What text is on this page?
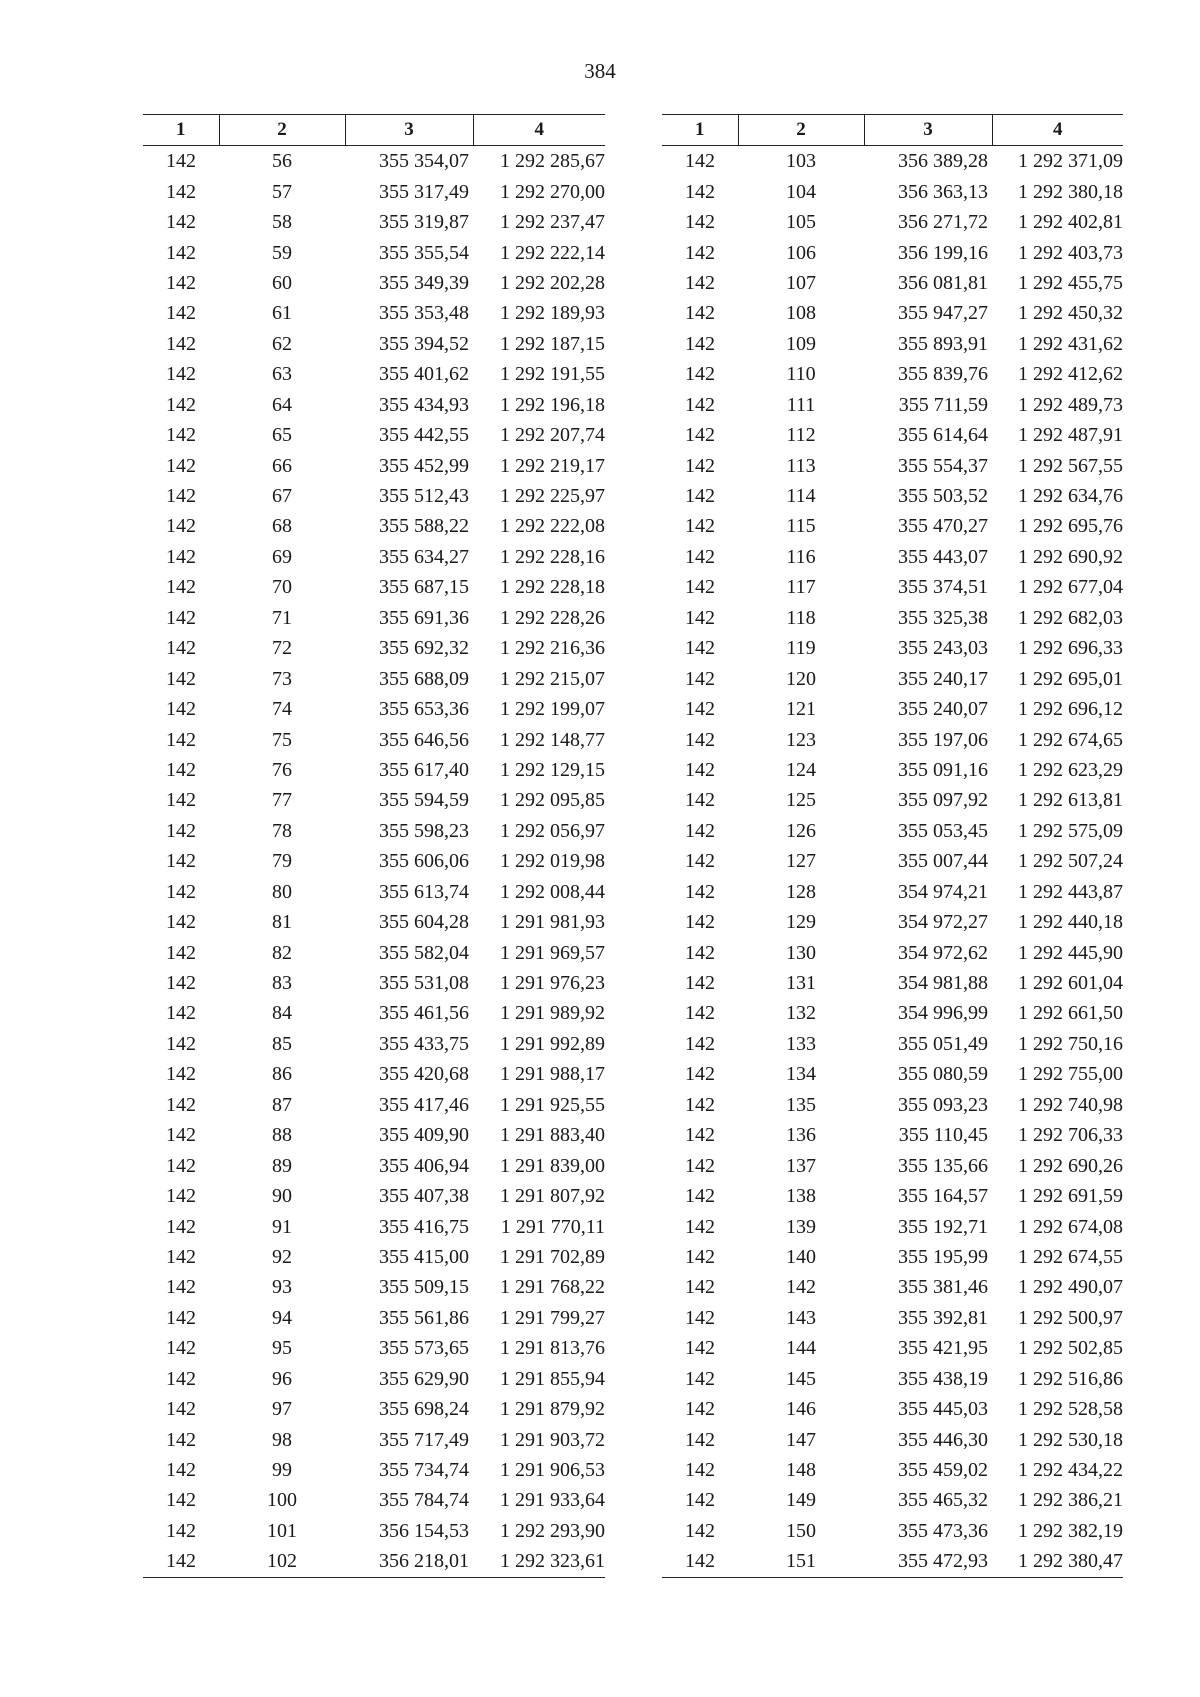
384
1	2	3	4
142	56	355 354,07	1 292 285,67
142	57	355 317,49	1 292 270,00
142	58	355 319,87	1 292 237,47
142	59	355 355,54	1 292 222,14
142	60	355 349,39	1 292 202,28
142	61	355 353,48	1 292 189,93
142	62	355 394,52	1 292 187,15
142	63	355 401,62	1 292 191,55
142	64	355 434,93	1 292 196,18
142	65	355 442,55	1 292 207,74
142	66	355 452,99	1 292 219,17
142	67	355 512,43	1 292 225,97
142	68	355 588,22	1 292 222,08
142	69	355 634,27	1 292 228,16
142	70	355 687,15	1 292 228,18
142	71	355 691,36	1 292 228,26
142	72	355 692,32	1 292 216,36
142	73	355 688,09	1 292 215,07
142	74	355 653,36	1 292 199,07
142	75	355 646,56	1 292 148,77
142	76	355 617,40	1 292 129,15
142	77	355 594,59	1 292 095,85
142	78	355 598,23	1 292 056,97
142	79	355 606,06	1 292 019,98
142	80	355 613,74	1 292 008,44
142	81	355 604,28	1 291 981,93
142	82	355 582,04	1 291 969,57
142	83	355 531,08	1 291 976,23
142	84	355 461,56	1 291 989,92
142	85	355 433,75	1 291 992,89
142	86	355 420,68	1 291 988,17
142	87	355 417,46	1 291 925,55
142	88	355 409,90	1 291 883,40
142	89	355 406,94	1 291 839,00
142	90	355 407,38	1 291 807,92
142	91	355 416,75	1 291 770,11
142	92	355 415,00	1 291 702,89
142	93	355 509,15	1 291 768,22
142	94	355 561,86	1 291 799,27
142	95	355 573,65	1 291 813,76
142	96	355 629,90	1 291 855,94
142	97	355 698,24	1 291 879,92
142	98	355 717,49	1 291 903,72
142	99	355 734,74	1 291 906,53
142	100	355 784,74	1 291 933,64
142	101	356 154,53	1 292 293,90
142	102	356 218,01	1 292 323,61
1	2	3	4
142	103	356 389,28	1 292 371,09
142	104	356 363,13	1 292 380,18
142	105	356 271,72	1 292 402,81
142	106	356 199,16	1 292 403,73
142	107	356 081,81	1 292 455,75
142	108	355 947,27	1 292 450,32
142	109	355 893,91	1 292 431,62
142	110	355 839,76	1 292 412,62
142	111	355 711,59	1 292 489,73
142	112	355 614,64	1 292 487,91
142	113	355 554,37	1 292 567,55
142	114	355 503,52	1 292 634,76
142	115	355 470,27	1 292 695,76
142	116	355 443,07	1 292 690,92
142	117	355 374,51	1 292 677,04
142	118	355 325,38	1 292 682,03
142	119	355 243,03	1 292 696,33
142	120	355 240,17	1 292 695,01
142	121	355 240,07	1 292 696,12
142	123	355 197,06	1 292 674,65
142	124	355 091,16	1 292 623,29
142	125	355 097,92	1 292 613,81
142	126	355 053,45	1 292 575,09
142	127	355 007,44	1 292 507,24
142	128	354 974,21	1 292 443,87
142	129	354 972,27	1 292 440,18
142	130	354 972,62	1 292 445,90
142	131	354 981,88	1 292 601,04
142	132	354 996,99	1 292 661,50
142	133	355 051,49	1 292 750,16
142	134	355 080,59	1 292 755,00
142	135	355 093,23	1 292 740,98
142	136	355 110,45	1 292 706,33
142	137	355 135,66	1 292 690,26
142	138	355 164,57	1 292 691,59
142	139	355 192,71	1 292 674,08
142	140	355 195,99	1 292 674,55
142	142	355 381,46	1 292 490,07
142	143	355 392,81	1 292 500,97
142	144	355 421,95	1 292 502,85
142	145	355 438,19	1 292 516,86
142	146	355 445,03	1 292 528,58
142	147	355 446,30	1 292 530,18
142	148	355 459,02	1 292 434,22
142	149	355 465,32	1 292 386,21
142	150	355 473,36	1 292 382,19
142	151	355 472,93	1 292 380,47
